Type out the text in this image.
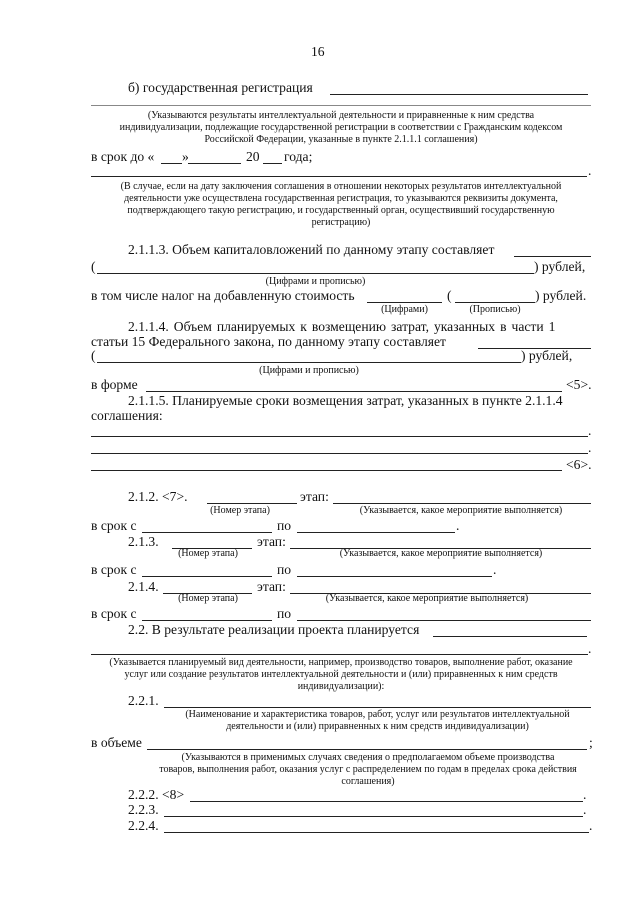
16
б) государственная регистрация
(Указываются результаты интеллектуальной деятельности и приравненные к ним средства
индивидуализации, подлежащие государственной регистрации в соответствии с Гражданским кодексом
Российской Федерации, указанные в пункте 2.1.1.1 соглашения)
в срок до « »	20 года;
.
(В случае, если на дату заключения соглашения в отношении некоторых результатов интеллектуальной
деятельности уже осуществлена государственная регистрация, то указываются реквизиты документа,
подтверждающего такую регистрацию, и государственный орган, осуществивший государственную
регистрацию)
2.1.1.3. Объем капиталовложений по данному этапу составляет
(	) рублей,
(Цифрами и прописью)
в том числе налог на добавленную стоимость	(	) рублей.
(Цифрами)	(Прописью)
2.1.1.4. Объем планируемых к возмещению затрат, указанных в части 1
статьи 15 Федерального закона, по данному этапу составляет
(	) рублей,
(Цифрами и прописью)
в форме	<5>.
2.1.1.5. Планируемые сроки возмещения затрат, указанных в пункте 2.1.1.4
соглашения:
.
.
<6>.
2.1.2. <7>.	этап:
(Номер этапа)	(Указывается, какое мероприятие выполняется)
в срок с	по	.
2.1.3.	этап:
(Номер этапа)	(Указывается, какое мероприятие выполняется)
в срок с	по	.
2.1.4.	этап:
(Номер этапа)	(Указывается, какое мероприятие выполняется)
в срок с	по
2.2. В результате реализации проекта планируется
.
(Указывается планируемый вид деятельности, например, производство товаров, выполнение работ, оказание
услуг или создание результатов интеллектуальной деятельности и (или) приравненных к ним средств
индивидуализации):
2.2.1.
(Наименование и характеристика товаров, работ, услуг или результатов интеллектуальной
деятельности и (или) приравненных к ним средств индивидуализации)
в объеме	;
(Указываются в применимых случаях сведения о предполагаемом объеме производства
товаров, выполнения работ, оказания услуг с распределением по годам в пределах срока действия
соглашения)
2.2.2. <8>	.
2.2.3.	.
2.2.4.	.
